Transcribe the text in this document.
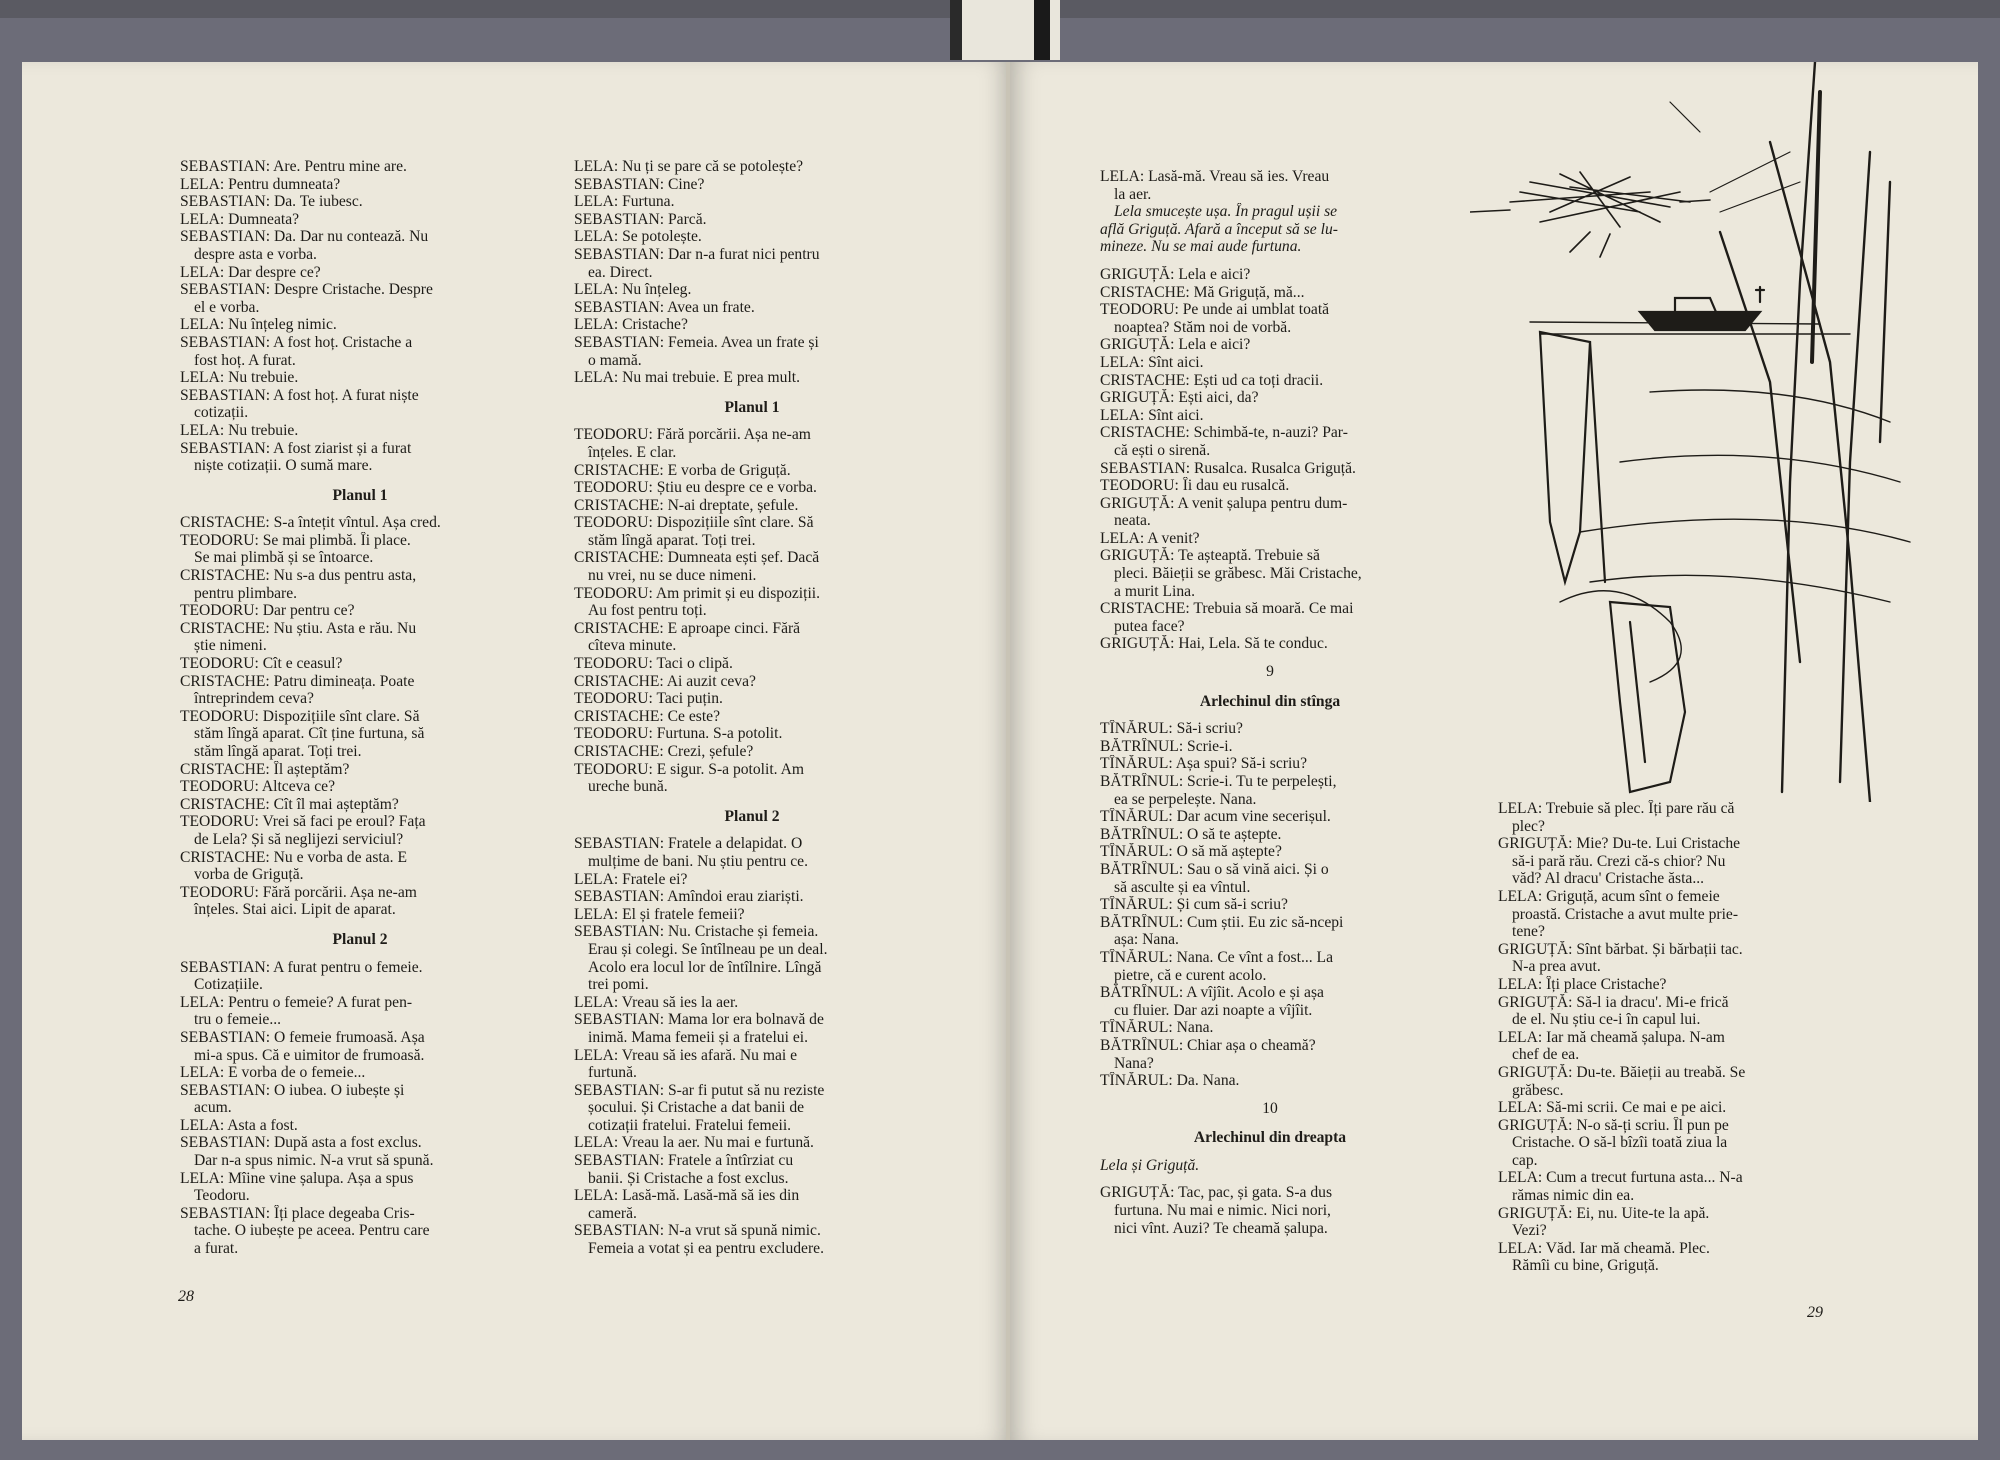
SEBASTIAN: Are. Pentru mine are.
LELA: Pentru dumneata?
SEBASTIAN: Da. Te iubesc.
LELA: Dumneata?
SEBASTIAN: Da. Dar nu contează. Nu
despre asta e vorba.
LELA: Dar despre ce?
SEBASTIAN: Despre Cristache. Despre
el e vorba.
LELA: Nu înțeleg nimic.
SEBASTIAN: A fost hoț. Cristache a
fost hoț. A furat.
LELA: Nu trebuie.
SEBASTIAN: A fost hoț. A furat niște
cotizații.
LELA: Nu trebuie.
SEBASTIAN: A fost ziarist și a furat
niște cotizații. O sumă mare.
Planul 1
CRISTACHE: S-a întețit vîntul. Așa cred.
TEODORU: Se mai plimbă. Îi place.
Se mai plimbă și se întoarce.
CRISTACHE: Nu s-a dus pentru asta,
pentru plimbare.
TEODORU: Dar pentru ce?
CRISTACHE: Nu știu. Asta e rău. Nu
știe nimeni.
TEODORU: Cît e ceasul?
CRISTACHE: Patru dimineața. Poate
întreprindem ceva?
TEODORU: Dispozițiile sînt clare. Să
stăm lîngă aparat. Cît ține furtuna, să
stăm lîngă aparat. Toți trei.
CRISTACHE: Îl așteptăm?
TEODORU: Altceva ce?
CRISTACHE: Cît îl mai așteptăm?
TEODORU: Vrei să faci pe eroul? Fața
de Lela? Și să neglijezi serviciul?
CRISTACHE: Nu e vorba de asta. E
vorba de Griguță.
TEODORU: Fără porcării. Așa ne-am
înțeles. Stai aici. Lipit de aparat.
Planul 2
SEBASTIAN: A furat pentru o femeie.
Cotizațiile.
LELA: Pentru o femeie? A furat pen-
tru o femeie...
SEBASTIAN: O femeie frumoasă. Așa
mi-a spus. Că e uimitor de frumoasă.
LELA: E vorba de o femeie...
SEBASTIAN: O iubea. O iubește și
acum.
LELA: Asta a fost.
SEBASTIAN: După asta a fost exclus.
Dar n-a spus nimic. N-a vrut să spună.
LELA: Mîine vine șalupa. Așa a spus
Teodoru.
SEBASTIAN: Îți place degeaba Cris-
tache. O iubește pe aceea. Pentru care
a furat.
LELA: Nu ți se pare că se potolește?
SEBASTIAN: Cine?
LELA: Furtuna.
SEBASTIAN: Parcă.
LELA: Se potolește.
SEBASTIAN: Dar n-a furat nici pentru
ea. Direct.
LELA: Nu înțeleg.
SEBASTIAN: Avea un frate.
LELA: Cristache?
SEBASTIAN: Femeia. Avea un frate și
o mamă.
LELA: Nu mai trebuie. E prea mult.
Planul 1
TEODORU: Fără porcării. Așa ne-am
înțeles. E clar.
CRISTACHE: E vorba de Griguță.
TEODORU: Știu eu despre ce e vorba.
CRISTACHE: N-ai dreptate, șefule.
TEODORU: Dispozițiile sînt clare. Să
stăm lîngă aparat. Toți trei.
CRISTACHE: Dumneata ești șef. Dacă
nu vrei, nu se duce nimeni.
TEODORU: Am primit și eu dispoziții.
Au fost pentru toți.
CRISTACHE: E aproape cinci. Fără
cîteva minute.
TEODORU: Taci o clipă.
CRISTACHE: Ai auzit ceva?
TEODORU: Taci puțin.
CRISTACHE: Ce este?
TEODORU: Furtuna. S-a potolit.
CRISTACHE: Crezi, șefule?
TEODORU: E sigur. S-a potolit. Am
ureche bună.
Planul 2
SEBASTIAN: Fratele a delapidat. O
mulțime de bani. Nu știu pentru ce.
LELA: Fratele ei?
SEBASTIAN: Amîndoi erau ziariști.
LELA: El și fratele femeii?
SEBASTIAN: Nu. Cristache și femeia.
Erau și colegi. Se întîlneau pe un deal.
Acolo era locul lor de întîlnire. Lîngă
trei pomi.
LELA: Vreau să ies la aer.
SEBASTIAN: Mama lor era bolnavă de
inimă. Mama femeii și a fratelui ei.
LELA: Vreau să ies afară. Nu mai e
furtună.
SEBASTIAN: S-ar fi putut să nu reziste
șocului. Și Cristache a dat banii de
cotizații fratelui. Fratelui femeii.
LELA: Vreau la aer. Nu mai e furtună.
SEBASTIAN: Fratele a întîrziat cu
banii. Și Cristache a fost exclus.
LELA: Lasă-mă. Lasă-mă să ies din
cameră.
SEBASTIAN: N-a vrut să spună nimic.
Femeia a votat și ea pentru excludere.
28
LELA: Lasă-mă. Vreau să ies. Vreau
la aer.
Lela smucește ușa. În pragul ușii se
află Griguță. Afară a început să se lu-
mineze. Nu se mai aude furtuna.
GRIGUȚĂ: Lela e aici?
CRISTACHE: Mă Griguță, mă...
TEODORU: Pe unde ai umblat toată
noaptea? Stăm noi de vorbă.
GRIGUȚĂ: Lela e aici?
LELA: Sînt aici.
CRISTACHE: Ești ud ca toți dracii.
GRIGUȚĂ: Ești aici, da?
LELA: Sînt aici.
CRISTACHE: Schimbă-te, n-auzi? Par-
că ești o sirenă.
SEBASTIAN: Rusalca. Rusalca Griguță.
TEODORU: Îi dau eu rusalcă.
GRIGUȚĂ: A venit șalupa pentru dum-
neata.
LELA: A venit?
GRIGUȚĂ: Te așteaptă. Trebuie să
pleci. Băieții se grăbesc. Măi Cristache,
a murit Lina.
CRISTACHE: Trebuia să moară. Ce mai
putea face?
GRIGUȚĂ: Hai, Lela. Să te conduc.
9
Arlechinul din stînga
TÎNĂRUL: Să-i scriu?
BĂTRÎNUL: Scrie-i.
TÎNĂRUL: Așa spui? Să-i scriu?
BĂTRÎNUL: Scrie-i. Tu te perpelești,
ea se perpelește. Nana.
TÎNĂRUL: Dar acum vine secerișul.
BĂTRÎNUL: O să te aștepte.
TÎNĂRUL: O să mă aștepte?
BĂTRÎNUL: Sau o să vină aici. Și o
să asculte și ea vîntul.
TÎNĂRUL: Și cum să-i scriu?
BĂTRÎNUL: Cum știi. Eu zic să-ncepi
așa: Nana.
TÎNĂRUL: Nana. Ce vînt a fost... La
pietre, că e curent acolo.
BĂTRÎNUL: A vîjîit. Acolo e și așa
cu fluier. Dar azi noapte a vîjîit.
TÎNĂRUL: Nana.
BĂTRÎNUL: Chiar așa o cheamă?
Nana?
TÎNĂRUL: Da. Nana.
10
Arlechinul din dreapta
Lela și Griguță.
GRIGUȚĂ: Tac, pac, și gata. S-a dus
furtuna. Nu mai e nimic. Nici nori,
nici vînt. Auzi? Te cheamă șalupa.
LELA: Trebuie să plec. Îți pare rău că
plec?
GRIGUȚĂ: Mie? Du-te. Lui Cristache
să-i pară rău. Crezi că-s chior? Nu
văd? Al dracu' Cristache ăsta...
LELA: Griguță, acum sînt o femeie
proastă. Cristache a avut multe prie-
tene?
GRIGUȚĂ: Sînt bărbat. Și bărbații tac.
N-a prea avut.
LELA: Îți place Cristache?
GRIGUȚĂ: Să-l ia dracu'. Mi-e frică
de el. Nu știu ce-i în capul lui.
LELA: Iar mă cheamă șalupa. N-am
chef de ea.
GRIGUȚĂ: Du-te. Băieții au treabă. Se
grăbesc.
LELA: Să-mi scrii. Ce mai e pe aici.
GRIGUȚĂ: N-o să-ți scriu. Îl pun pe
Cristache. O să-l bîzîi toată ziua la
cap.
LELA: Cum a trecut furtuna asta... N-a
rămas nimic din ea.
GRIGUȚĂ: Ei, nu. Uite-te la apă.
Vezi?
LELA: Văd. Iar mă cheamă. Plec.
Rămîi cu bine, Griguță.
29
